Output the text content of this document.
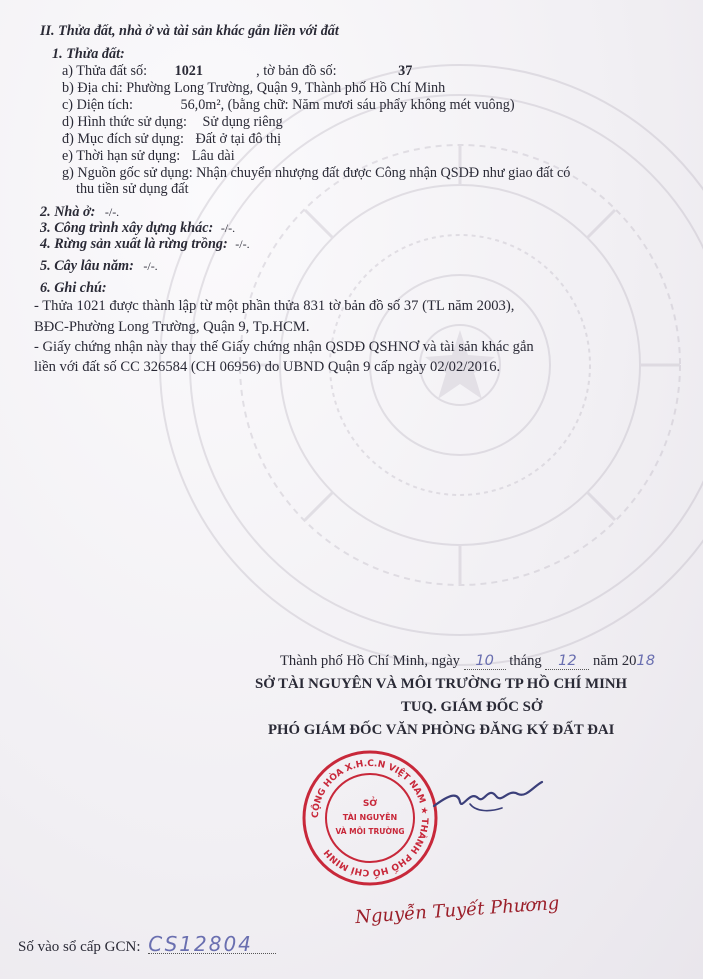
II. Thửa đất, nhà ở và tài sản khác gắn liền với đất
1. Thửa đất:
a) Thửa đất số: 1021	, tờ bản đồ số:	37
b) Địa chỉ: Phường Long Trường, Quận 9, Thành phố Hồ Chí Minh
c) Diện tích:	56,0m², (bằng chữ: Năm mươi sáu phẩy không mét vuông)
d) Hình thức sử dụng: Sử dụng riêng
đ) Mục đích sử dụng: Đất ở tại đô thị
e) Thời hạn sử dụng: Lâu dài
g) Nguồn gốc sử dụng: Nhận chuyển nhượng đất được Công nhận QSDĐ như giao đất có
thu tiền sử dụng đất
2. Nhà ở: -/-.
3. Công trình xây dựng khác: -/-.
4. Rừng sản xuất là rừng trồng: -/-.
5. Cây lâu năm: -/-.
6. Ghi chú:
- Thửa 1021 được thành lập từ một phần thửa 831 tờ bản đồ số 37 (TL năm 2003),
BĐC-Phường Long Trường, Quận 9, Tp.HCM.
- Giấy chứng nhận này thay thế Giấy chứng nhận QSDĐ QSHNƠ và tài sản khác gắn
liền với đất số CC 326584 (CH 06956) do UBND Quận 9 cấp ngày 02/02/2016.
Thành phố Hồ Chí Minh, ngày 10 tháng 12 năm 2018
SỞ TÀI NGUYÊN VÀ MÔI TRƯỜNG TP HỒ CHÍ MINH
TUQ. GIÁM ĐỐC SỞ
PHÓ GIÁM ĐỐC VĂN PHÒNG ĐĂNG KÝ ĐẤT ĐAI
CỘNG HÒA X.H.C.N VIỆT NAM ★ THÀNH PHỐ HỒ CHÍ MINH
SỞ
TÀI NGUYÊN
VÀ MÔI TRƯỜNG
Nguyễn Tuyết Phương
Số vào sổ cấp GCN: CS12804
